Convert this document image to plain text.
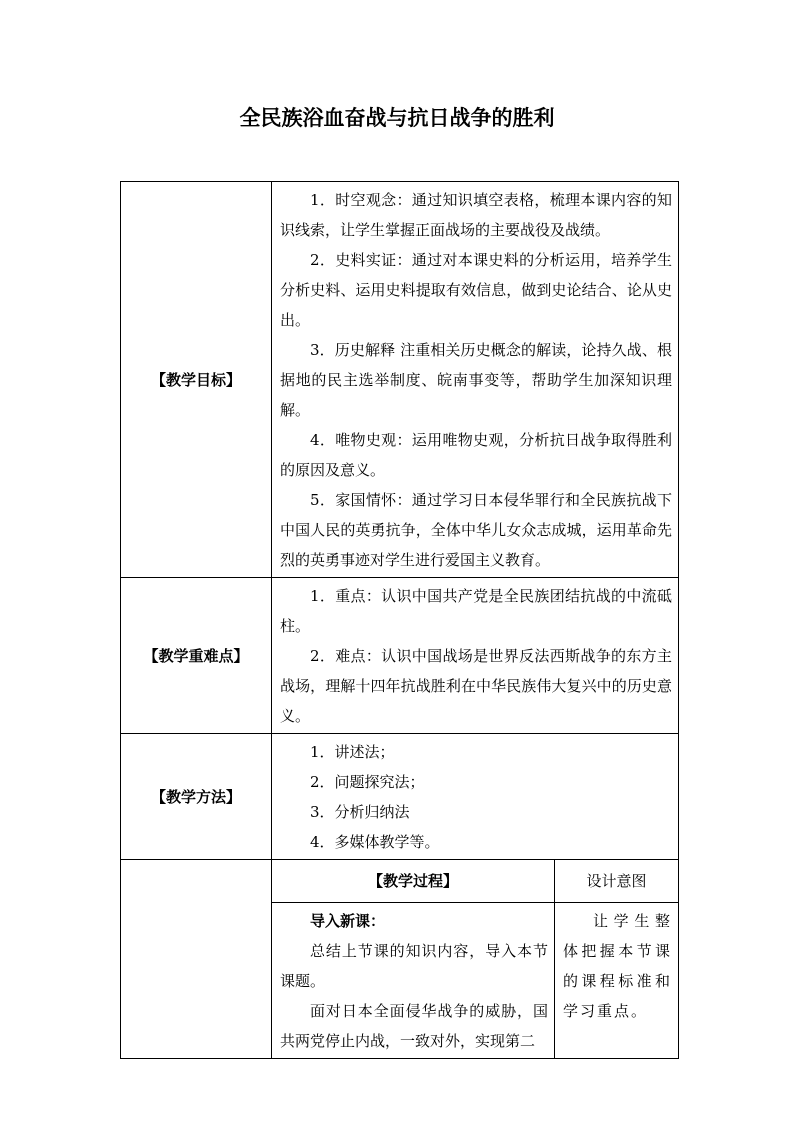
全民族浴血奋战与抗日战争的胜利
【教学目标】	1．时空观念：通过知识填空表格，梳理本课内容的知识线索，让学生掌握正面战场的主要战役及战绩。

2．史料实证：通过对本课史料的分析运用，培养学生分析史料、运用史料提取有效信息，做到史论结合、论从史出。

3．历史解释 注重相关历史概念的解读，论持久战、根据地的民主选举制度、皖南事变等，帮助学生加深知识理解。

4．唯物史观：运用唯物史观，分析抗日战争取得胜利的原因及意义。

5．家国情怀：通过学习日本侵华罪行和全民族抗战下中国人民的英勇抗争，全体中华儿女众志成城，运用革命先烈的英勇事迹对学生进行爱国主义教育。	

【教学重难点】	1．重点：认识中国共产党是全民族团结抗战的中流砥柱。

2．难点：认识中国战场是世界反法西斯战争的东方主战场，理解十四年抗战胜利在中华民族伟大复兴中的历史意义。	

【教学方法】	1．讲述法；

2．问题探究法；

3．分析归纳法

4．多媒体教学等。	

	【教学过程】	设计意图

	导入新课：

总结上节课的知识内容，导入本节课题。

面对日本全面侵华战争的威胁，国共两党停止内战，一致对外，实现第二	让学生整体把握本节课的课程标准和学习重点。
